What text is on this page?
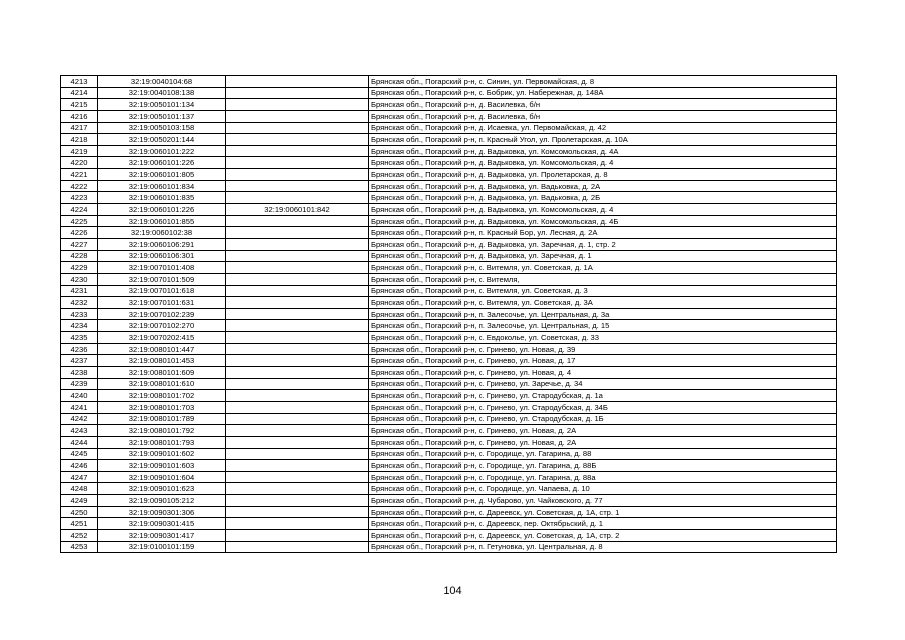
4213	32:19:0040104:68		Брянская обл., Погарский р-н, с. Синин, ул. Первомайская, д. 8
4214	32:19:0040108:138		Брянская обл., Погарский р-н, с. Бобрик, ул. Набережная, д. 148А
4215	32:19:0050101:134		Брянская обл., Погарский р-н, д. Василевка, б/н
4216	32:19:0050101:137		Брянская обл., Погарский р-н, д. Василевка, б/н
4217	32:19:0050103:158		Брянская обл., Погарский р-н, д. Исаевка, ул. Первомайская, д. 42
4218	32:19:0050201:144		Брянская обл., Погарский р-н, п. Красный Угол, ул. Пролетарская, д. 10А
4219	32:19:0060101:222		Брянская обл., Погарский р-н, д. Вадьковка, ул. Комсомольская, д. 4А
4220	32:19:0060101:226		Брянская обл., Погарский р-н, д. Вадьковка, ул. Комсомольская, д. 4
4221	32:19:0060101:805		Брянская обл., Погарский р-н, д. Вадьковка, ул. Пролетарская, д. 8
4222	32:19:0060101:834		Брянская обл., Погарский р-н, д. Вадьковка, ул. Вадьковка, д. 2А
4223	32:19:0060101:835		Брянская обл., Погарский р-н, д. Вадьковка, ул. Вадьковка, д. 2Б
4224	32:19:0060101:226	32:19:0060101:842	Брянская обл., Погарский р-н, д. Вадьковка, ул. Комсомольская, д. 4
4225	32:19:0060101:855		Брянская обл., Погарский р-н, д. Вадьковка, ул. Комсомольская, д. 4Б
4226	32:19:0060102:38		Брянская обл., Погарский р-н, п. Красный Бор, ул. Лесная, д. 2А
4227	32:19:0060106:291		Брянская обл., Погарский р-н, д. Вадьковка, ул. Заречная, д. 1, стр. 2
4228	32:19:0060106:301		Брянская обл., Погарский р-н, д. Вадьковка, ул. Заречная, д. 1
4229	32:19:0070101:408		Брянская обл., Погарский р-н, с. Витемля, ул. Советская, д. 1А
4230	32:19:0070101:509		Брянская обл., Погарский р-н, с. Витемля,
4231	32:19:0070101:618		Брянская обл., Погарский р-н, с. Витемля, ул. Советская, д. 3
4232	32:19:0070101:631		Брянская обл., Погарский р-н, с. Витемля, ул. Советская, д. 3А
4233	32:19:0070102:239		Брянская обл., Погарский р-н, п. Залесочье, ул. Центральная, д. 3а
4234	32:19:0070102:270		Брянская обл., Погарский р-н, п. Залесочье, ул. Центральная, д. 15
4235	32:19:0070202:415		Брянская обл., Погарский р-н, с. Евдокольe, ул. Советская, д. 33
4236	32:19:0080101:447		Брянская обл., Погарский р-н, с. Гринево, ул. Новая, д. 39
4237	32:19:0080101:453		Брянская обл., Погарский р-н, с. Гринево, ул. Новая, д. 17
4238	32:19:0080101:609		Брянская обл., Погарский р-н, с. Гринево, ул. Новая, д. 4
4239	32:19:0080101:610		Брянская обл., Погарский р-н, с. Гринево, ул. Заречье, д. 34
4240	32:19:0080101:702		Брянская обл., Погарский р-н, с. Гринево, ул. Стародубская, д. 1а
4241	32:19:0080101:703		Брянская обл., Погарский р-н, с. Гринево, ул. Стародубская, д. 34Б
4242	32:19:0080101:789		Брянская обл., Погарский р-н, с. Гринево, ул. Стародубская, д. 1Б
4243	32:19:0080101:792		Брянская обл., Погарский р-н, с. Гринево, ул. Новая, д. 2А
4244	32:19:0080101:793		Брянская обл., Погарский р-н, с. Гринево, ул. Новая, д. 2А
4245	32:19:0090101:602		Брянская обл., Погарский р-н, с. Городище, ул. Гагарина, д. 88
4246	32:19:0090101:603		Брянская обл., Погарский р-н, с. Городище, ул. Гагарина, д. 88Б
4247	32:19:0090101:604		Брянская обл., Погарский р-н, с. Городище, ул. Гагарина, д. 88а
4248	32:19:0090101:623		Брянская обл., Погарский р-н, с. Городище, ул. Чапаева, д. 10
4249	32:19:0090105:212		Брянская обл., Погарский р-н, д. Чубарово, ул. Чайковского, д. 77
4250	32:19:0090301:306		Брянская обл., Погарский р-н, с. Дареевск, ул. Советская, д. 1А, стр. 1
4251	32:19:0090301:415		Брянская обл., Погарский р-н, с. Дареевск, пер. Октябрьский, д. 1
4252	32:19:0090301:417		Брянская обл., Погарский р-н, с. Дареевск, ул. Советская, д. 1А, стр. 2
4253	32:19:0100101:159		Брянская обл., Погарский р-н, п. Гетуновка, ул. Центральная, д. 8
104
